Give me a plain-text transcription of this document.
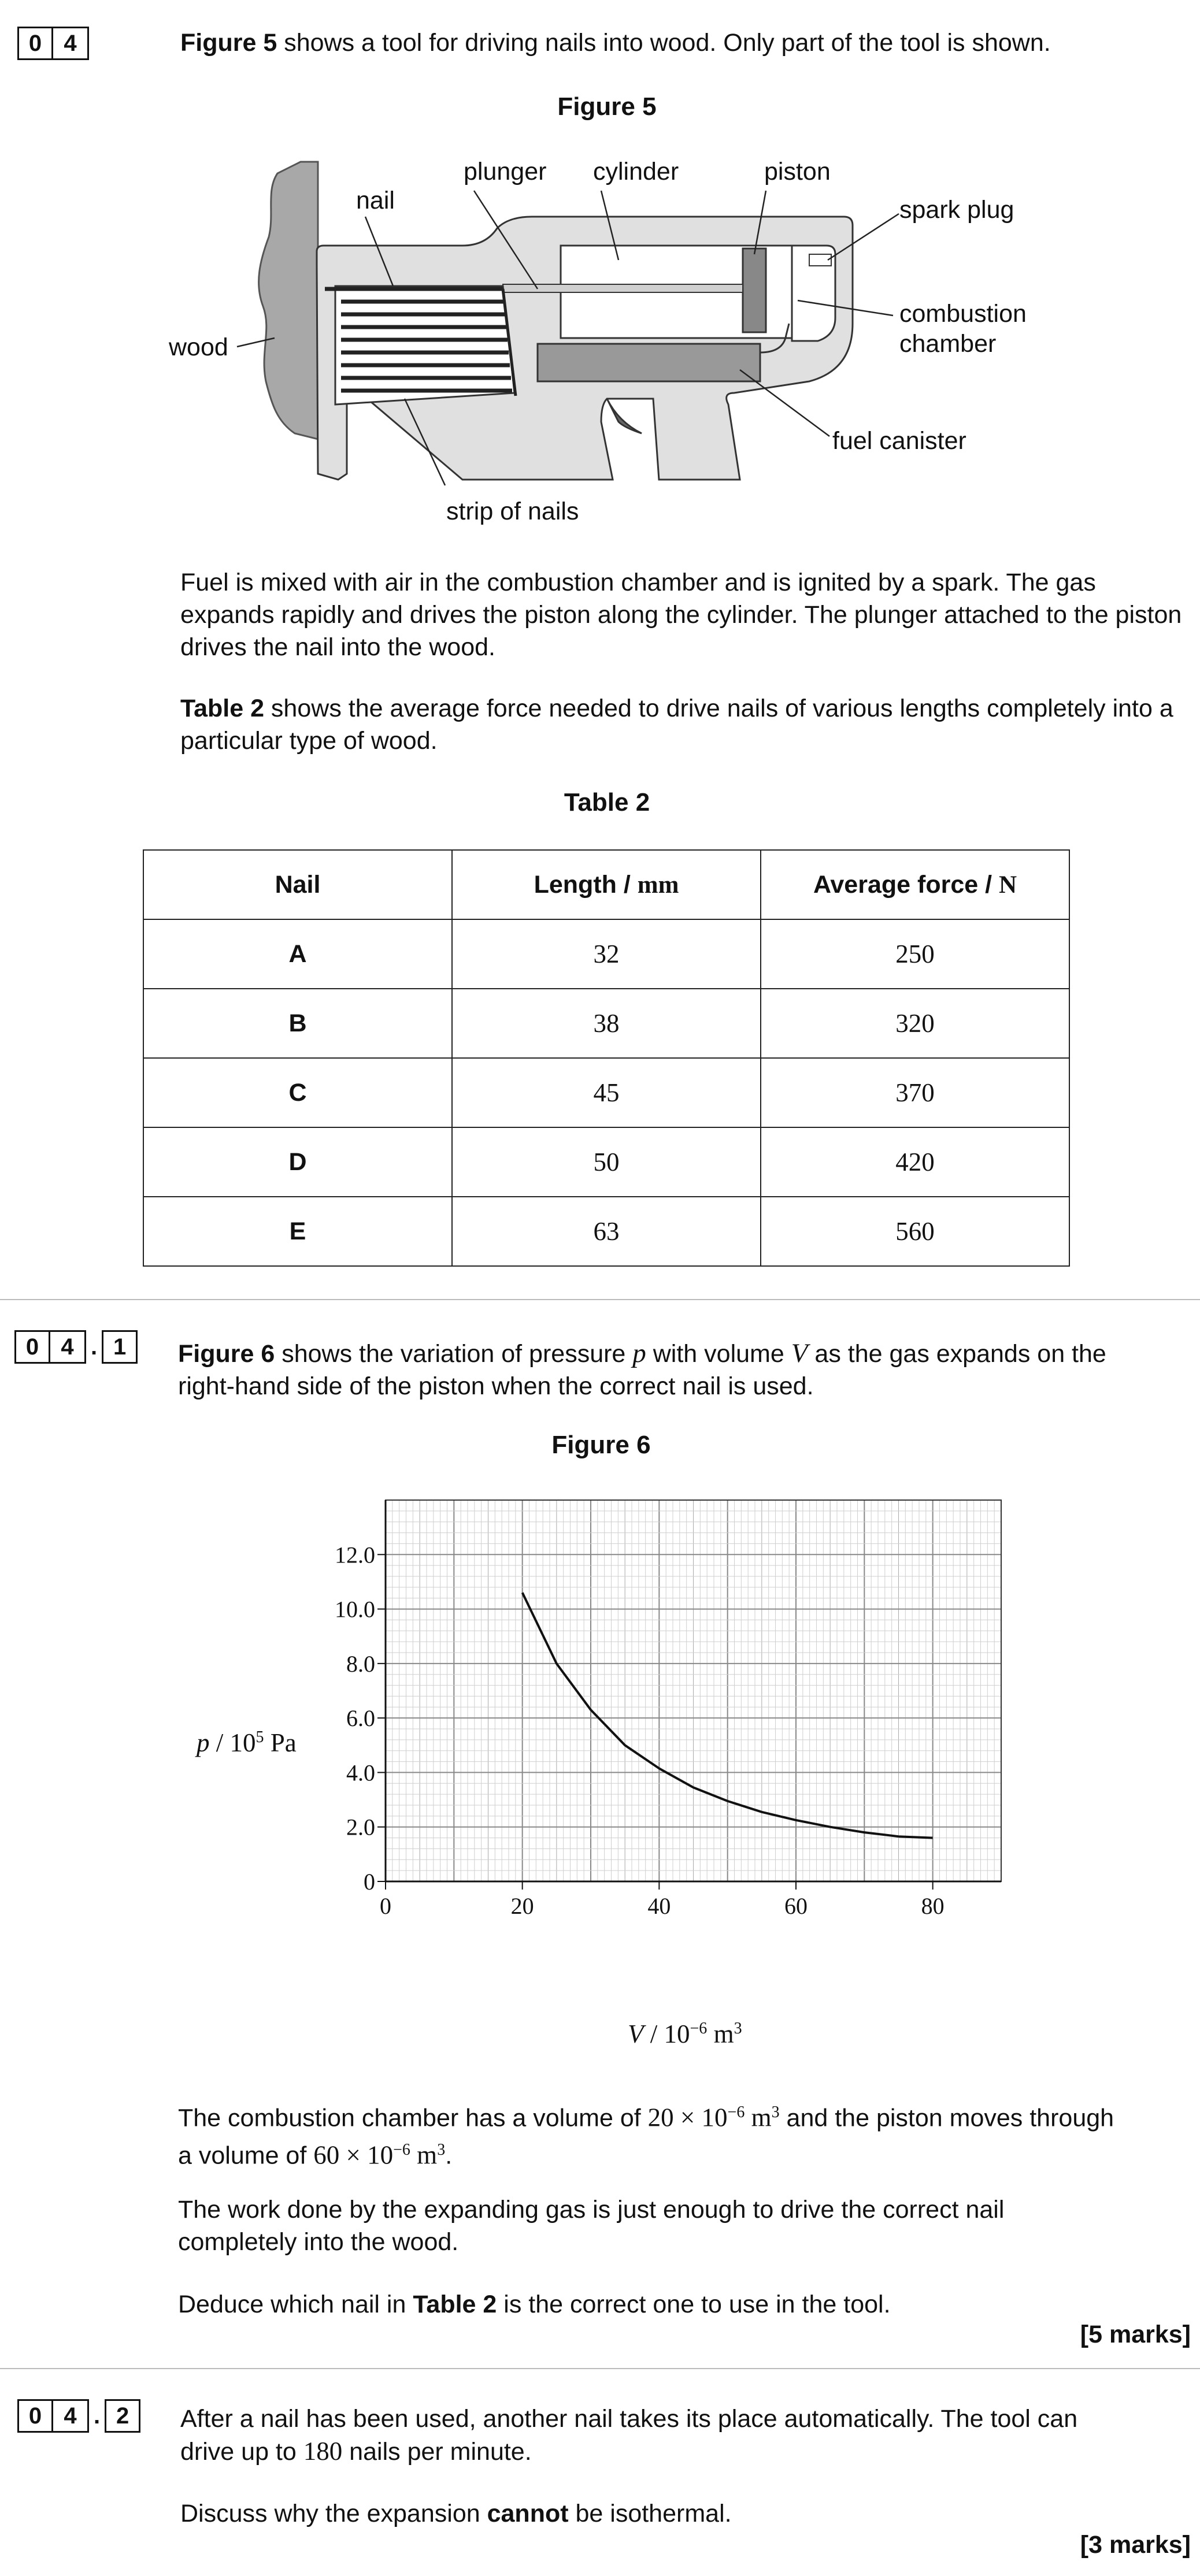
0 4	Figure 5 shows a tool for driving nails into wood. Only part of the tool is shown.
Figure 5
plunger cylinder	piston
nail	spark plug
combustion
chamber
wood
fuel canister
strip of nails
Fuel is mixed with air in the combustion chamber and is ignited by a spark. The gas expands rapidly and drives the piston along the cylinder. The plunger attached to the piston drives the nail into the wood.
Table 2 shows the average force needed to drive nails of various lengths completely into a particular type of wood.
Table 2
Nail	Length / mm	Average force / N
A	32	250
B	38	320
C	45	370
D	50	420
E	63	560
0 4 . 1	Figure 6 shows the variation of pressure p with volume V as the gas expands on the
right-hand side of the piston when the correct nail is used.
Figure 6
0
2.0
4.0
6.0
8.0
10.0
12.0
0	20	40	60	80
p / $10^5$ Pa
V / $10^{-6}$ $m^3$
The combustion chamber has a volume of $20 \times 10^{-6}$ $m^3$ and the piston moves through
a volume of $60 \times 10^{-6}$ $m^3$.
The work done by the expanding gas is just enough to drive the correct nail completely into the wood.
Deduce which nail in Table 2 is the correct one to use in the tool.
[5 marks]
0 4 . 2	After a nail has been used, another nail takes its place automatically. The tool can
drive up to 180 nails per minute.
Discuss why the expansion cannot be isothermal.
[3 marks]
